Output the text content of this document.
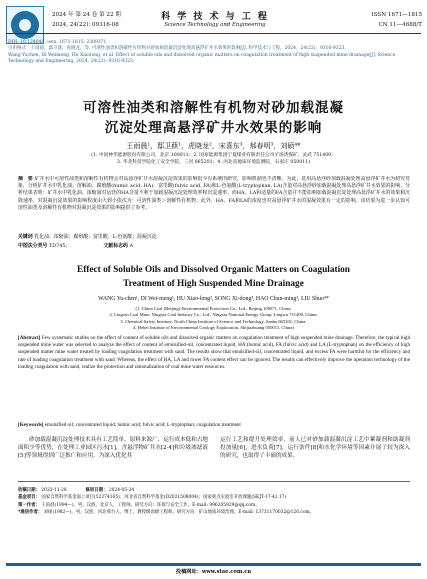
2024 年 第 24 卷 第 22 期
2024, 24(22): 09316-08
科 学 技 术 与 工 程
Science Technology and Engineering
ISSN 1671—1815
CN 11—4688/T
DOI: 10.12404/j. issn. 1671-1815. 2309371
引用格式：王雨晨，邸卫蕻，虎晓龙，等. 可溶性油类和溶解性有机物对砂加载混凝沉淀处理高悬浮矿井水效果的影响[J]. 科学技术与工程，2024，24(22)：9316-9323.
Wang Yuchen, Di Weimeng, Hu Xiaolong, et al. Effect of soluble oils and dissolved organic matters on coagulation treatment of high suspended mine drainage[J]. Science Technology and Engineering, 2024, 24(22): 9316-9323.
可溶性油类和溶解性有机物对砂加载混凝
沉淀处理高悬浮矿井水效果的影响
王雨晨¹，邸卫蕻¹，虎晓龙²，宋喜东³，郝春明³，刘硕⁴*
(1. 中国神华能源股份有限公司，北京 100011；2. 国家能源集团宁夏煤业有限责任公司羊场湾煤矿，灵武 751400；
3. 华北科技学院化工安全学院，三河 065201；4. 河北省地质环境监测院，石家庄 050011)
摘　要 矿井水中可溶性油类和溶解性有机物会对高悬浮矿井水混凝沉淀效果的影响很少有系统的研究，影响机制也不清晰。为此，选用高悬浮砂加载混凝处理高悬浮矿井水为研究对象，分析矿井水中乳化油、溶解油、腐殖酸(humic acid, HA)、富里酸(fulvic acid, FA)和L-色氨酸(L-tryptophan, LA)含量对高悬浮砂加载混凝处理高悬浮矿井水效果的影响，分析结果表明：矿井水中乳化油、浓缩油对运营的HA含量不利于加载混凝沉淀处理效率和沉淀速率。而HA、LA和适量的FA含量并不能影响加载混凝沉淀处理高悬浮矿井水的效果和沉降速率，对混凝沉淀效果的影响程度由大到小依次为：可溶性油类＞溶解性有机物；此外，HA、FA和LA的浓度也对高悬浮矿井水的混凝效果有一定的影响。该结果为进一步认知可溶性油类及溶解性有机物对混凝沉淀效果的影响提供了参考。
关键词 乳化油；浓缩油；腐殖酸；富里酸；L-色氨酸；混凝沉淀
中图法分类号 TD745；	文献标志码 A
Effect of Soluble Oils and Dissolved Organic Matters on Coagulation
Treatment of High Suspended Mine Drainage
WANG Yu-chen¹, DI Wei-meng¹, HU Xiao-long², SONG Xi-dong³, HAO Chun-ming³, LIU Shuo⁴*
(1. China Coal (Beijing) Environmental Protection Co., Ltd., Beijing 100071, China;
2. Lingxin Coal Mine, Ningxia Coal Industry Co., Ltd., Ningxia National Energy Group, Lingwu 751400, China;
3. Chemical Safety Institute, North China Institute of Science and Technology, Sanhe 065201, China;
4. Hebei Institute of Environmental Geology Exploration, Shijiazhuang 050011, China)
[Abstract] Few systematic studies on the effect of content of soluble oils and dissolved organic matters on coagulation treatment of high suspended mine drainage. Therefore, the typical high suspended mine water was selected to analyze the effect of content of emulsified-oil, concentrated liquid, HA (humic acid), FA (fulvic acid) and LA (L-tryptophan) on the efficiency of high suspended matter mine water treated by loading coagulation treatment with sand. The results show that emulsified-oil, concentrated liquid, and excess FA were harmful for the efficiency and rate of loading coagulation treatment with sand. Whereas, the effect of HA, LA and lower FA content effect can be ignored. The results can effectively improve the operation technology of the loading coagulation with sand, realize the protection and rationalization of coal mine water resources.
[Keywords] emulsified oil; concentrated liquid; humic acid; fulvic acid; L-tryptophan; coagulation treatment
砂加载混凝沉淀处理技术具有工艺简单、原料来源广、运行成本低和占地面积少等优势，在处理工业园区污水[1]，含悬浮物矿井水[2-4]和垃圾渗滤液[5]等领域得到广泛推广和应用。为深入优化其
运行工艺和提升处理效率，前人已对砂加载混凝沉淀工艺中絮凝剂和助凝剂投加量[6]，进水负荷[7]，运行条件[8]和水化学环境等因素开展了较为深入的研究，也取得了丰硕的成果。
收稿日期： 2023-11-28	修回日期： 2024-05-24
基金项目： 国家自然科学基金面上项目(52274165)；河北省自然科学基金(D2021508004)；国家重点实验室开放课题(SKJT-17-42.17)
第一作者： 王雨晨(1994—)，男，汉族，北京人，工程师。研究方向：环保与安全工作。E-mail: 996205929@qq.com。
*通信作者： 刘硕(1982—)，男，汉族，河北邢台人，博士，教授级高级工程师。研究方向：矿山地质环境治理。E-mail: 13731170032@126.com。
投稿网址：www.stae.com.cn
